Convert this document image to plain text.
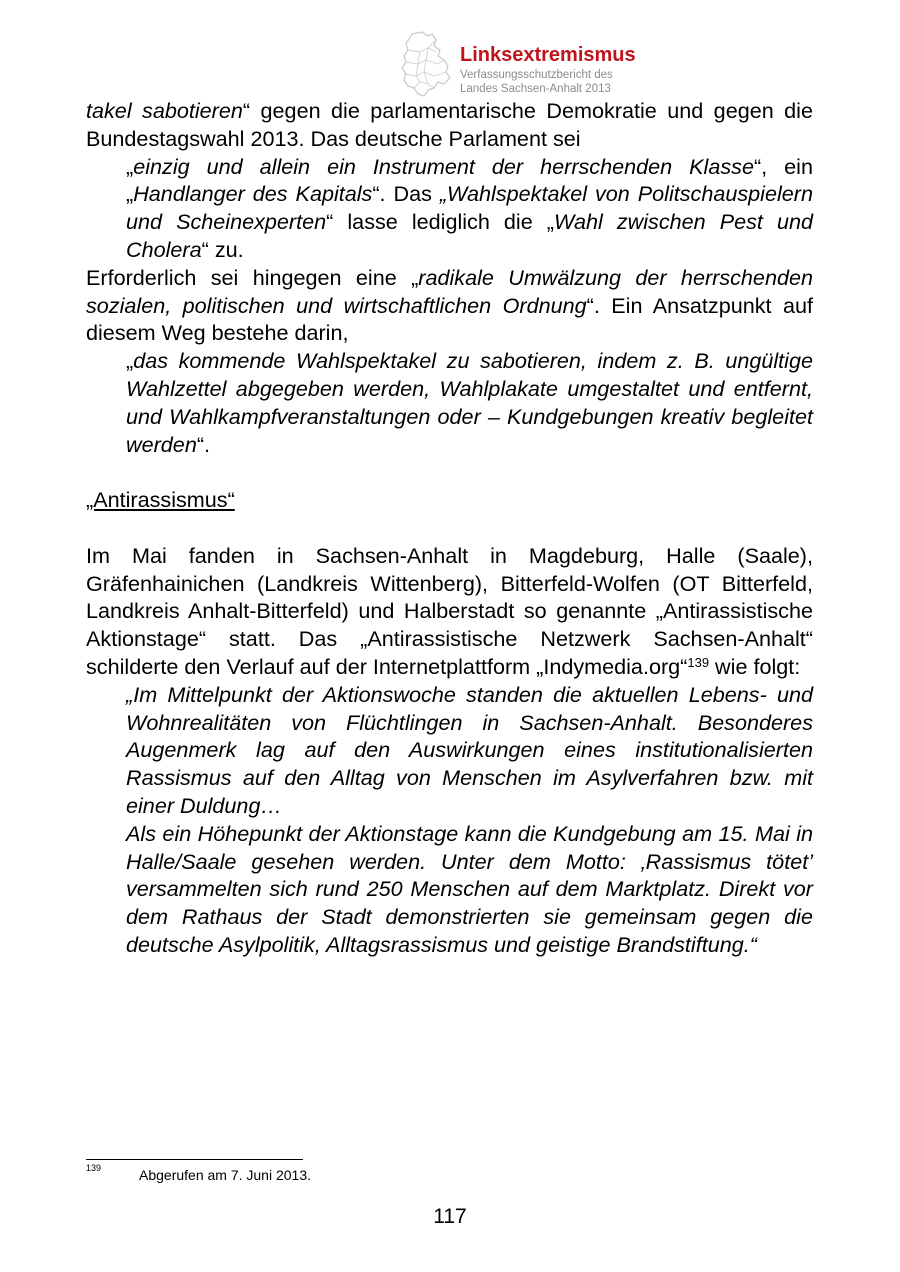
Linksextremismus
Verfassungsschutzbericht des
Landes Sachsen-Anhalt 2013

takel sabotieren“ gegen die parlamentarische Demokratie und gegen die Bundestagswahl 2013. Das deutsche Parlament sei

„einzig und allein ein Instrument der herrschenden Klasse“, ein „Handlanger des Kapitals“. Das „Wahlspektakel von Politschauspielern und Scheinexperten“ lasse lediglich die „Wahl zwischen Pest und Cholera“ zu.

Erforderlich sei hingegen eine „radikale Umwälzung der herrschenden sozialen, politischen und wirtschaftlichen Ordnung“. Ein Ansatzpunkt auf diesem Weg bestehe darin,

„das kommende Wahlspektakel zu sabotieren, indem z. B. ungültige Wahlzettel abgegeben werden, Wahlplakate umgestaltet und entfernt, und Wahlkampfveranstaltungen oder – Kundgebungen kreativ begleitet werden“.

„Antirassismus“

Im Mai fanden in Sachsen-Anhalt in Magdeburg, Halle (Saale), Gräfenhainichen (Landkreis Wittenberg), Bitterfeld-Wolfen (OT Bitterfeld, Landkreis Anhalt-Bitterfeld) und Halberstadt so genannte „Antirassistische Aktionstage“ statt. Das „Antirassistische Netzwerk Sachsen-Anhalt“ schilderte den Verlauf auf der Internetplattform „Indymedia.org“$^{139}$ wie folgt:

„Im Mittelpunkt der Aktionswoche standen die aktuellen Lebens- und Wohnrealitäten von Flüchtlingen in Sachsen-Anhalt. Besonderes Augenmerk lag auf den Auswirkungen eines institutionalisierten Rassismus auf den Alltag von Menschen im Asylverfahren bzw. mit einer Duldung…

Als ein Höhepunkt der Aktionstage kann die Kundgebung am 15. Mai in Halle/Saale gesehen werden. Unter dem Motto: ‚Rassismus tötet’ versammelten sich rund 250 Menschen auf dem Marktplatz. Direkt vor dem Rathaus der Stadt demonstrierten sie gemeinsam gegen die deutsche Asylpolitik, Alltagsrassismus und geistige Brandstiftung.“

139	Abgerufen am 7. Juni 2013.
117
